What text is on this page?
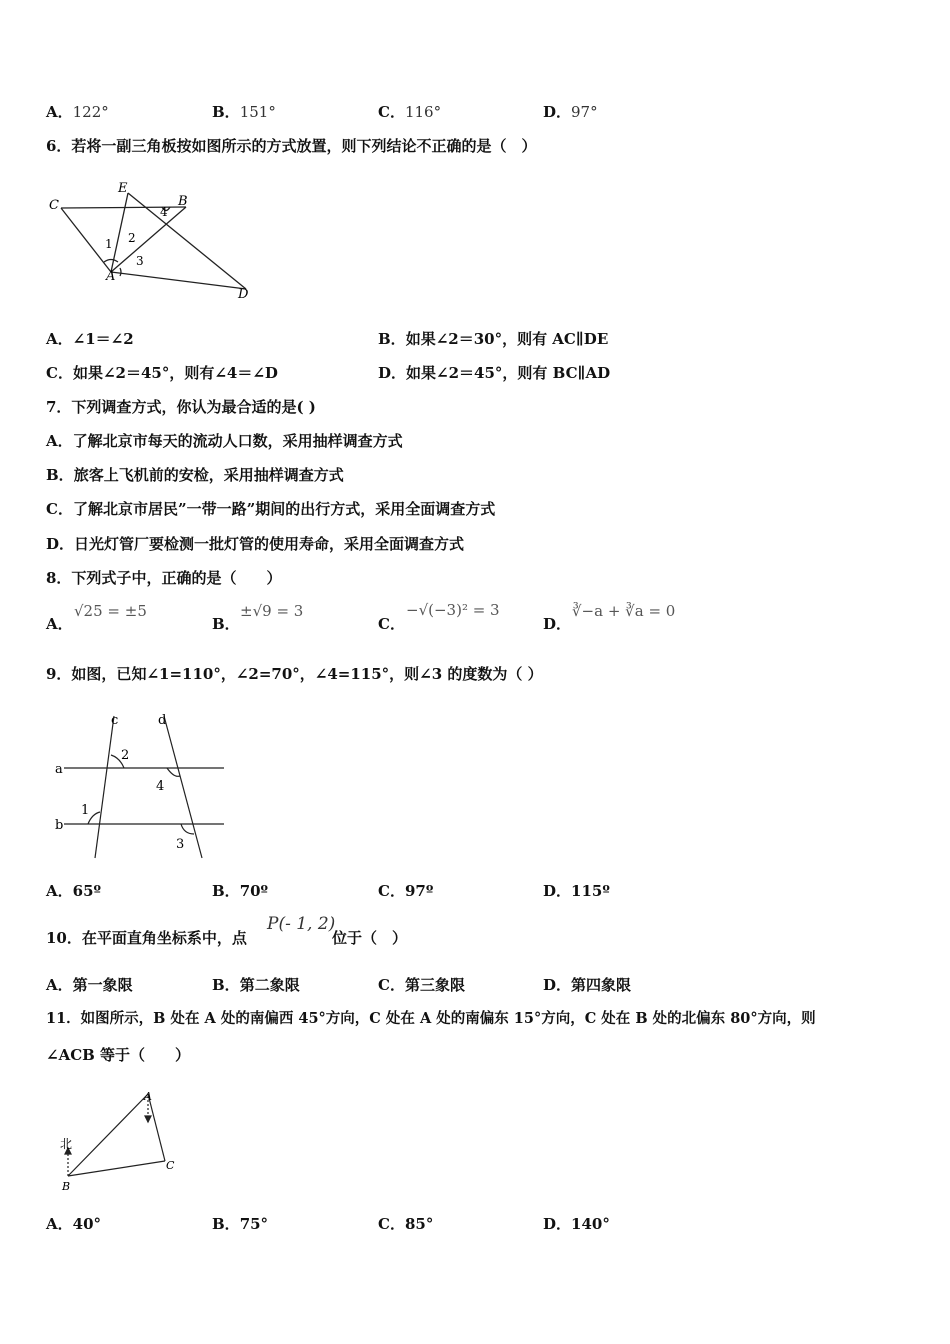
A．122°	B．151°	C．116°	D．97°
6．若将一副三角板按如图所示的方式放置，则下列结论不正确的是（　）
C
E
B
A
D
1 2
3
4
A．∠1＝∠2	B．如果∠2＝30°，则有 AC∥DE
C．如果∠2＝45°，则有∠4＝∠D	D．如果∠2＝45°，则有 BC∥AD
7．下列调查方式，你认为最合适的是( )
A．了解北京市每天的流动人口数，采用抽样调查方式
B．旅客上飞机前的安检，采用抽样调查方式
C．了解北京市居民”一带一路”期间的出行方式，采用全面调查方式
D．日光灯管厂要检测一批灯管的使用寿命，采用全面调查方式
8．下列式子中，正确的是（　　）
A．
√25 = ±5
B．
±√9 = 3
C．
−√(−3)² = 3
D．
∛−a + ∛a = 0
9．如图，已知∠1=110°，∠2=70°，∠4=115°，则∠3 的度数为（ ）
c	d
a
b
2
1
4
3
A．65º	B．70º	C．97º	D．115º
10．在平面直角坐标系中，点
P(- 1, 2)
位于（　）
A．第一象限	B．第二象限	C．第三象限	D．第四象限
11．如图所示，B 处在 A 处的南偏西 45°方向，C 处在 A 处的南偏东 15°方向，C 处在 B 处的北偏东 80°方向，则
∠ACB 等于（　　）
北
A
B
C
A．40°	B．75°	C．85°	D．140°
